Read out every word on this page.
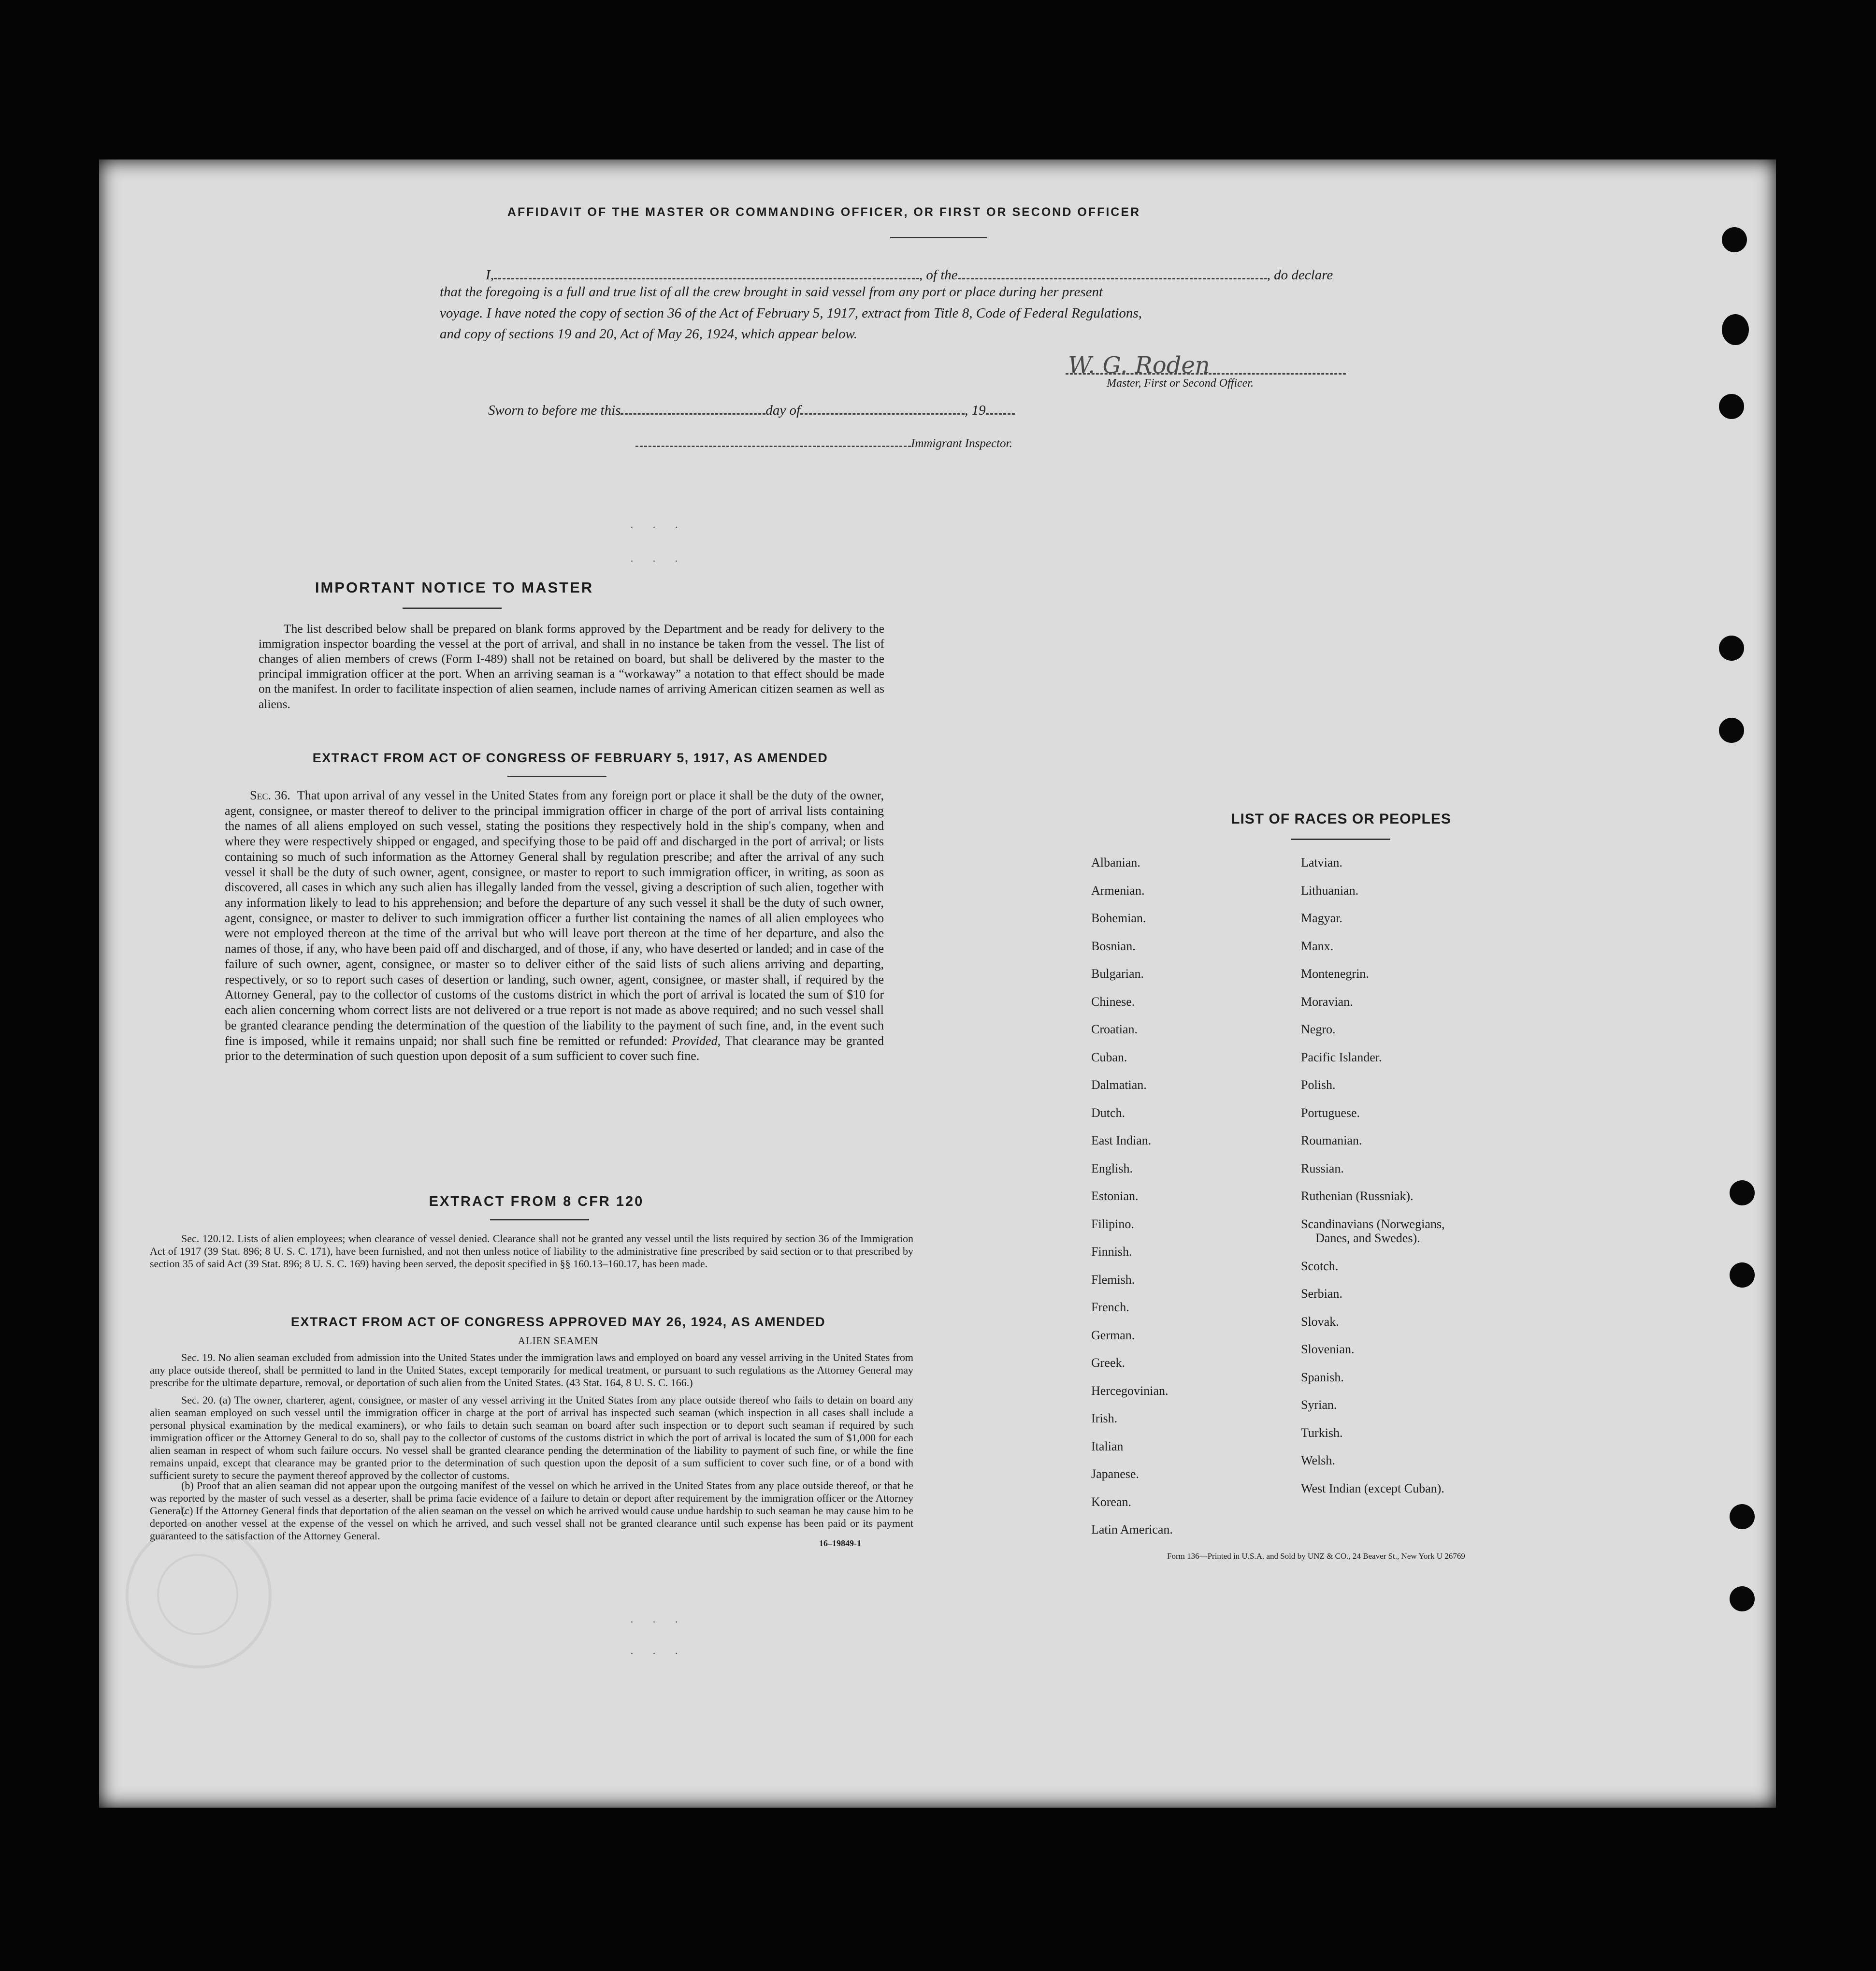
AFFIDAVIT OF THE MASTER OR COMMANDING OFFICER, OR FIRST OR SECOND OFFICER
I,	, of the	, do declare
that the foregoing is a full and true list of all the crew brought in said vessel from any port or place during her present
voyage. I have noted the copy of section 36 of the Act of February 5, 1917, extract from Title 8, Code of Federal Regulations,
and copy of sections 19 and 20, Act of May 26, 1924, which appear below.
W. G. Roden
Master, First or Second Officer.
Sworn to before me this	day of	, 19
Immigrant Inspector.
. . .
. . .
. . .
. . .
IMPORTANT NOTICE TO MASTER
The list described below shall be prepared on blank forms approved by the Department and be ready for delivery to the immigration inspector boarding the vessel at the port of arrival, and shall in no instance be taken from the vessel. The list of changes of alien members of crews (Form I-489) shall not be retained on board, but shall be delivered by the master to the principal immigration officer at the port. When an arriving seaman is a “workaway” a notation to that effect should be made on the manifest. In order to facilitate inspection of alien seamen, include names of arriving American citizen seamen as well as aliens.
EXTRACT FROM ACT OF CONGRESS OF FEBRUARY 5, 1917, AS AMENDED
Sec. 36. That upon arrival of any vessel in the United States from any foreign port or place it shall be the duty of the owner, agent, consignee, or master thereof to deliver to the principal immigration officer in charge of the port of arrival lists containing the names of all aliens employed on such vessel, stating the positions they respectively hold in the ship's company, when and where they were respectively shipped or engaged, and specifying those to be paid off and discharged in the port of arrival; or lists containing so much of such information as the Attorney General shall by regulation prescribe; and after the arrival of any such vessel it shall be the duty of such owner, agent, consignee, or master to report to such immigration officer, in writing, as soon as discovered, all cases in which any such alien has illegally landed from the vessel, giving a description of such alien, together with any information likely to lead to his apprehension; and before the departure of any such vessel it shall be the duty of such owner, agent, consignee, or master to deliver to such immigration officer a further list containing the names of all alien employees who were not employed thereon at the time of the arrival but who will leave port thereon at the time of her departure, and also the names of those, if any, who have been paid off and discharged, and of those, if any, who have deserted or landed; and in case of the failure of such owner, agent, consignee, or master so to deliver either of the said lists of such aliens arriving and departing, respectively, or so to report such cases of desertion or landing, such owner, agent, consignee, or master shall, if required by the Attorney General, pay to the collector of customs of the customs district in which the port of arrival is located the sum of $10 for each alien concerning whom correct lists are not delivered or a true report is not made as above required; and no such vessel shall be granted clearance pending the determination of the question of the liability to the payment of such fine, and, in the event such fine is imposed, while it remains unpaid; nor shall such fine be remitted or refunded: Provided, That clearance may be granted prior to the determination of such question upon deposit of a sum sufficient to cover such fine.
EXTRACT FROM 8 CFR 120
Sec. 120.12. Lists of alien employees; when clearance of vessel denied. Clearance shall not be granted any vessel until the lists required by section 36 of the Immigration Act of 1917 (39 Stat. 896; 8 U. S. C. 171), have been furnished, and not then unless notice of liability to the administrative fine prescribed by said section or to that prescribed by section 35 of said Act (39 Stat. 896; 8 U. S. C. 169) having been served, the deposit specified in §§ 160.13–160.17, has been made.
EXTRACT FROM ACT OF CONGRESS APPROVED MAY 26, 1924, AS AMENDED
ALIEN SEAMEN
Sec. 19. No alien seaman excluded from admission into the United States under the immigration laws and employed on board any vessel arriving in the United States from any place outside thereof, shall be permitted to land in the United States, except temporarily for medical treatment, or pursuant to such regulations as the Attorney General may prescribe for the ultimate departure, removal, or deportation of such alien from the United States. (43 Stat. 164, 8 U. S. C. 166.)
Sec. 20. (a) The owner, charterer, agent, consignee, or master of any vessel arriving in the United States from any place outside thereof who fails to detain on board any alien seaman employed on such vessel until the immigration officer in charge at the port of arrival has inspected such seaman (which inspection in all cases shall include a personal physical examination by the medical examiners), or who fails to detain such seaman on board after such inspection or to deport such seaman if required by such immigration officer or the Attorney General to do so, shall pay to the collector of customs of the customs district in which the port of arrival is located the sum of $1,000 for each alien seaman in respect of whom such failure occurs. No vessel shall be granted clearance pending the determination of the liability to payment of such fine, or while the fine remains unpaid, except that clearance may be granted prior to the determination of such question upon the deposit of a sum sufficient to cover such fine, or of a bond with sufficient surety to secure the payment thereof approved by the collector of customs.
(b) Proof that an alien seaman did not appear upon the outgoing manifest of the vessel on which he arrived in the United States from any place outside thereof, or that he was reported by the master of such vessel as a deserter, shall be prima facie evidence of a failure to detain or deport after requirement by the immigration officer or the Attorney General.
(c) If the Attorney General finds that deportation of the alien seaman on the vessel on which he arrived would cause undue hardship to such seaman he may cause him to be deported on another vessel at the expense of the vessel on which he arrived, and such vessel shall not be granted clearance until such expense has been paid or its payment guaranteed to the satisfaction of the Attorney General.
16–19849-1
LIST OF RACES OR PEOPLES
Albanian.
Armenian.
Bohemian.
Bosnian.
Bulgarian.
Chinese.
Croatian.
Cuban.
Dalmatian.
Dutch.
East Indian.
English.
Estonian.
Filipino.
Finnish.
Flemish.
French.
German.
Greek.
Hercegovinian.
Irish.
Italian
Japanese.
Korean.
Latin American.
Latvian.
Lithuanian.
Magyar.
Manx.
Montenegrin.
Moravian.
Negro.
Pacific Islander.
Polish.
Portuguese.
Roumanian.
Russian.
Ruthenian (Russniak).
Scandinavians (Norwegians,
Danes, and Swedes).
Scotch.
Serbian.
Slovak.
Slovenian.
Spanish.
Syrian.
Turkish.
Welsh.
West Indian (except Cuban).
Form 136—Printed in U.S.A. and Sold by UNZ & CO., 24 Beaver St., New York U 26769
